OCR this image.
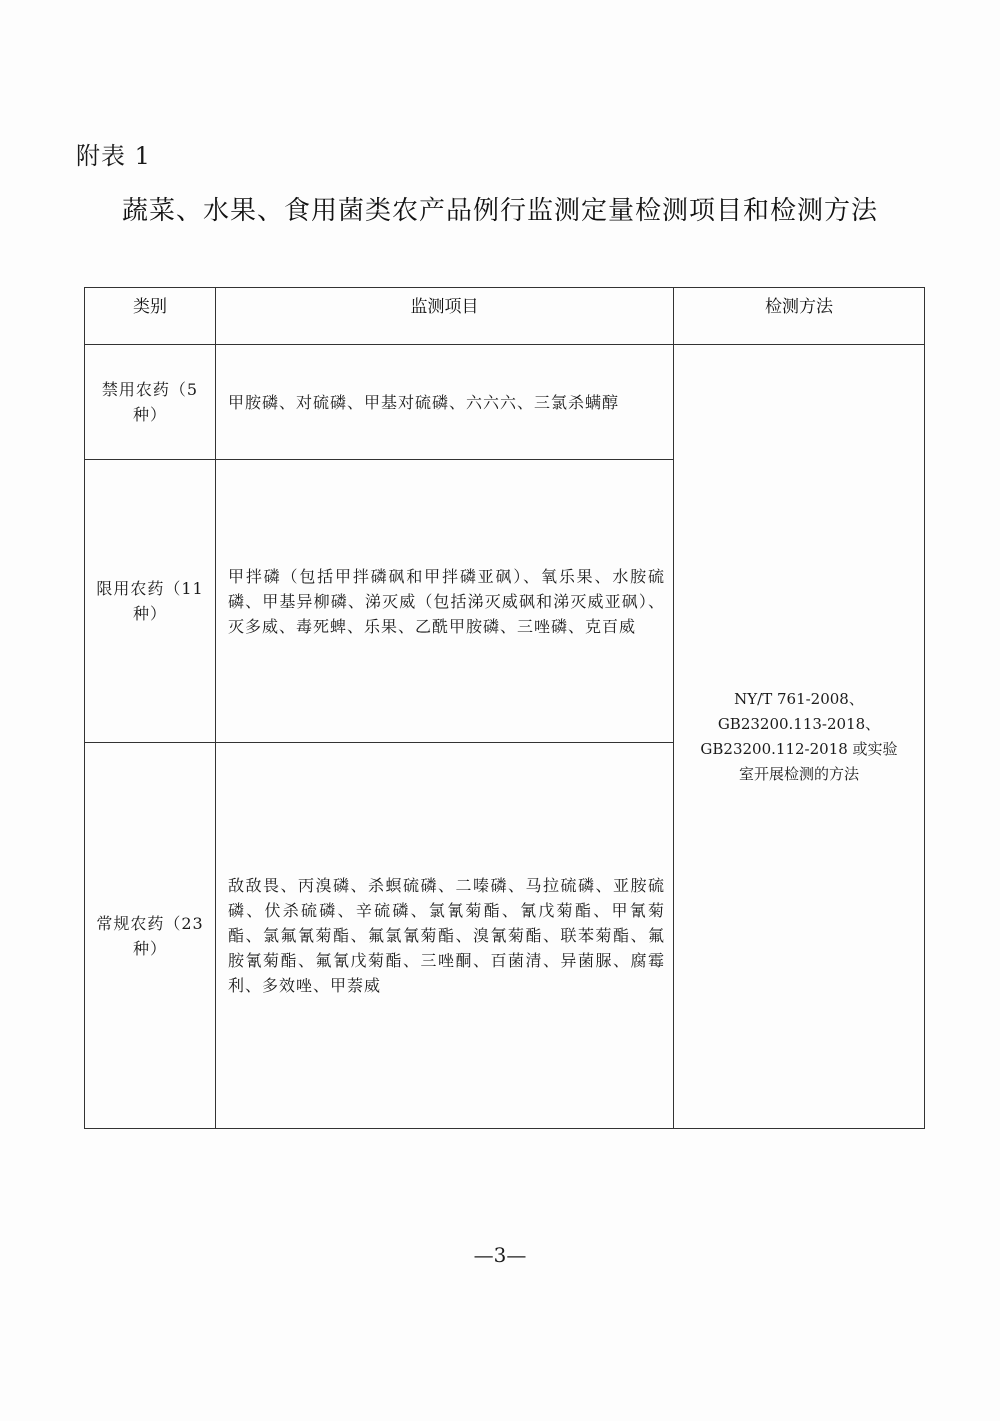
附表 1
蔬菜、水果、食用菌类农产品例行监测定量检测项目和检测方法
类别	监测项目	检测方法
禁用农药（5种）	甲胺磷、对硫磷、甲基对硫磷、六六六、三氯杀螨醇	NY/T 761-2008、
GB23200.113-2018、
GB23200.112-2018 或实验
室开展检测的方法

限用农药（11种）	甲拌磷（包括甲拌磷砜和甲拌磷亚砜）、氧乐果、水胺硫磷、甲基异柳磷、涕灭威（包括涕灭威砜和涕灭威亚砜）、灭多威、毒死蜱、乐果、乙酰甲胺磷、三唑磷、克百威	
常规农药（23种）	敌敌畏、丙溴磷、杀螟硫磷、二嗪磷、马拉硫磷、亚胺硫磷、伏杀硫磷、辛硫磷、氯氰菊酯、氰戊菊酯、甲氰菊酯、氯氟氰菊酯、氟氯氰菊酯、溴氰菊酯、联苯菊酯、氟胺氰菊酯、氟氰戊菊酯、三唑酮、百菌清、异菌脲、腐霉利、多效唑、甲萘威	
—3—
